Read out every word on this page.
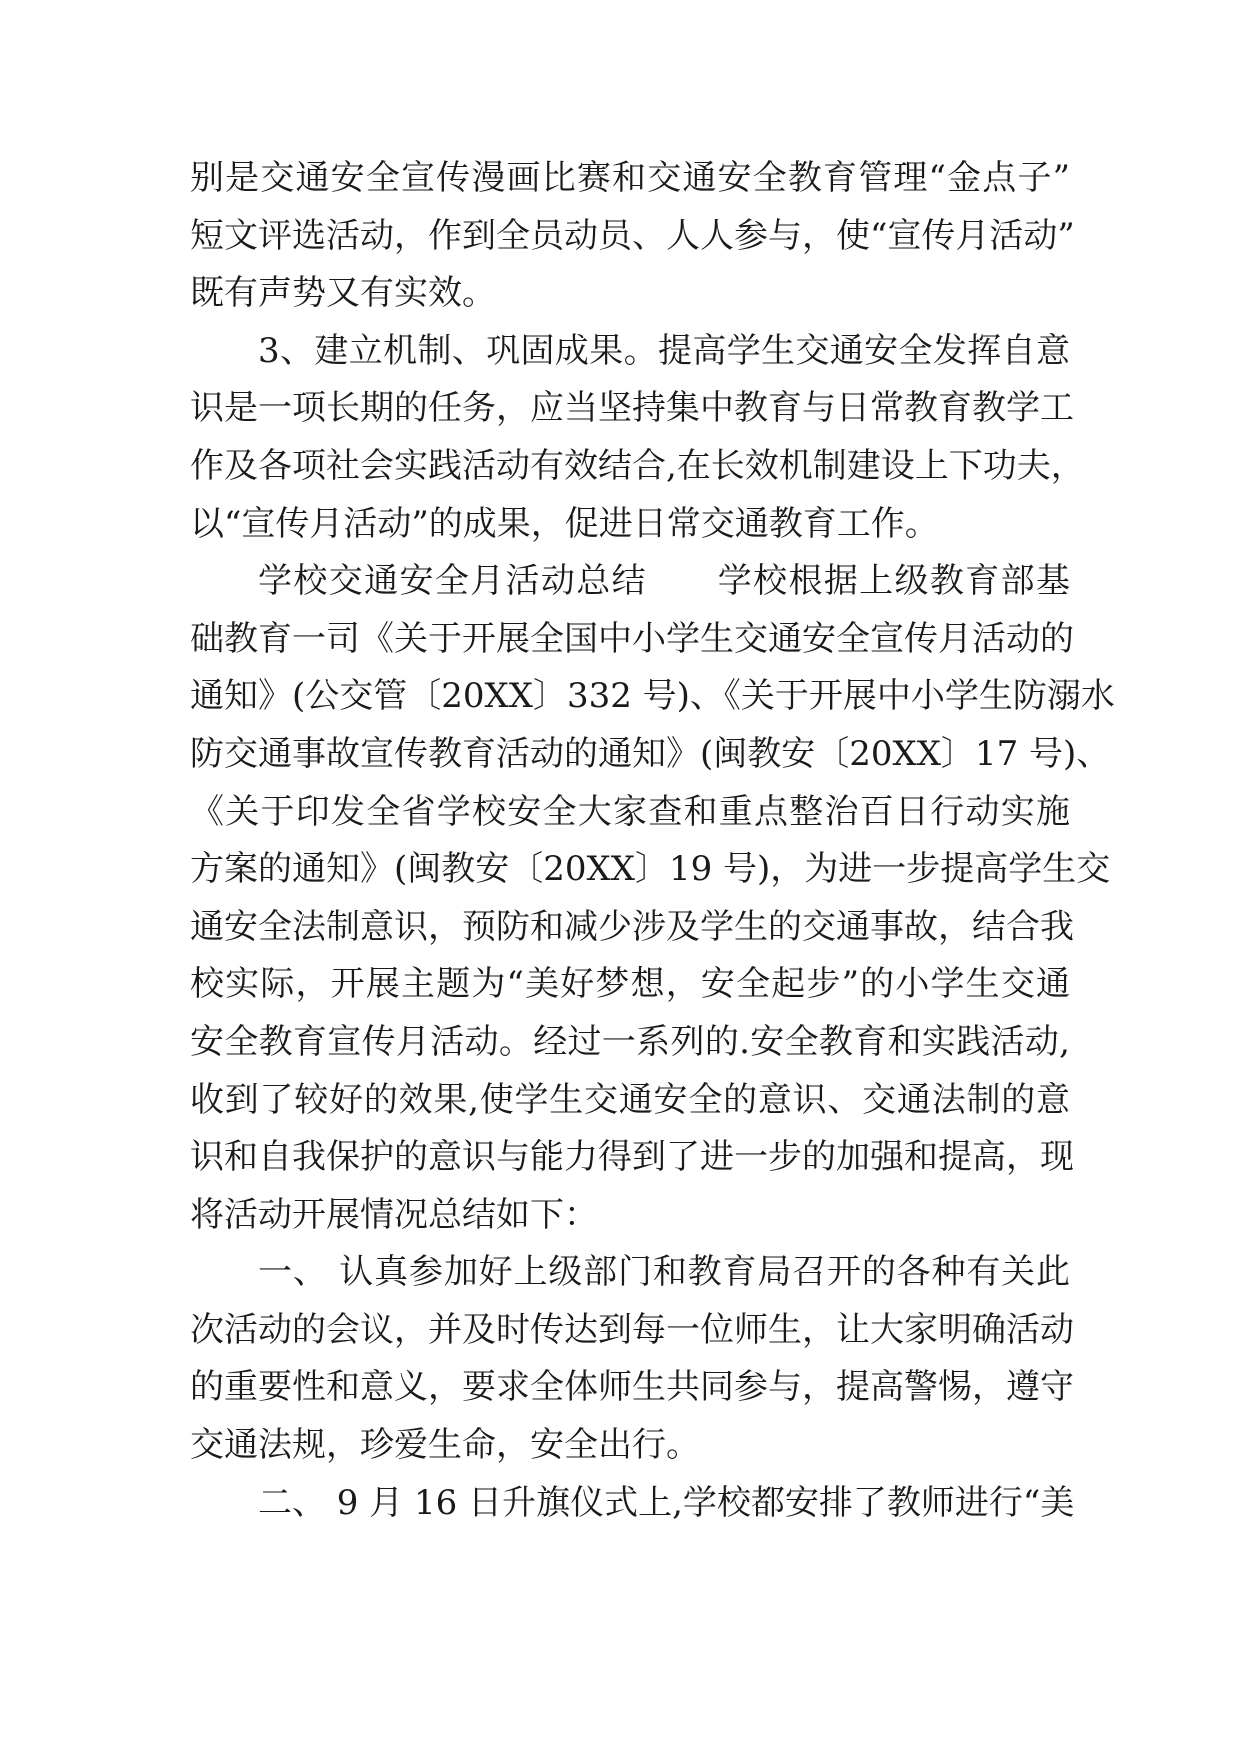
别是交通安全宣传漫画比赛和交通安全教育管理“金点子”
短文评选活动，作到全员动员、人人参与，使“宣传月活动”
既有声势又有实效。
3、建立机制、巩固成果。提高学生交通安全发挥自意
识是一项长期的任务，应当坚持集中教育与日常教育教学工
作及各项社会实践活动有效结合,在长效机制建设上下功夫，
以“宣传月活动”的成果，促进日常交通教育工作。
学校交通安全月活动总结　　学校根据上级教育部基
础教育一司《关于开展全国中小学生交通安全宣传月活动的
通知》(公交管〔20XX〕332 号)、《关于开展中小学生防溺水
防交通事故宣传教育活动的通知》(闽教安〔20XX〕17 号)、
《关于印发全省学校安全大家查和重点整治百日行动实施
方案的通知》(闽教安〔20XX〕19 号)，为进一步提高学生交
通安全法制意识，预防和减少涉及学生的交通事故，结合我
校实际，开展主题为“美好梦想，安全起步”的小学生交通
安全教育宣传月活动。经过一系列的.安全教育和实践活动,
收到了较好的效果,使学生交通安全的意识、交通法制的意
识和自我保护的意识与能力得到了进一步的加强和提高，现
将活动开展情况总结如下：
一、 认真参加好上级部门和教育局召开的各种有关此
次活动的会议，并及时传达到每一位师生，让大家明确活动
的重要性和意义，要求全体师生共同参与，提高警惕，遵守
交通法规，珍爱生命，安全出行。
二、 9 月 16 日升旗仪式上,学校都安排了教师进行“美
